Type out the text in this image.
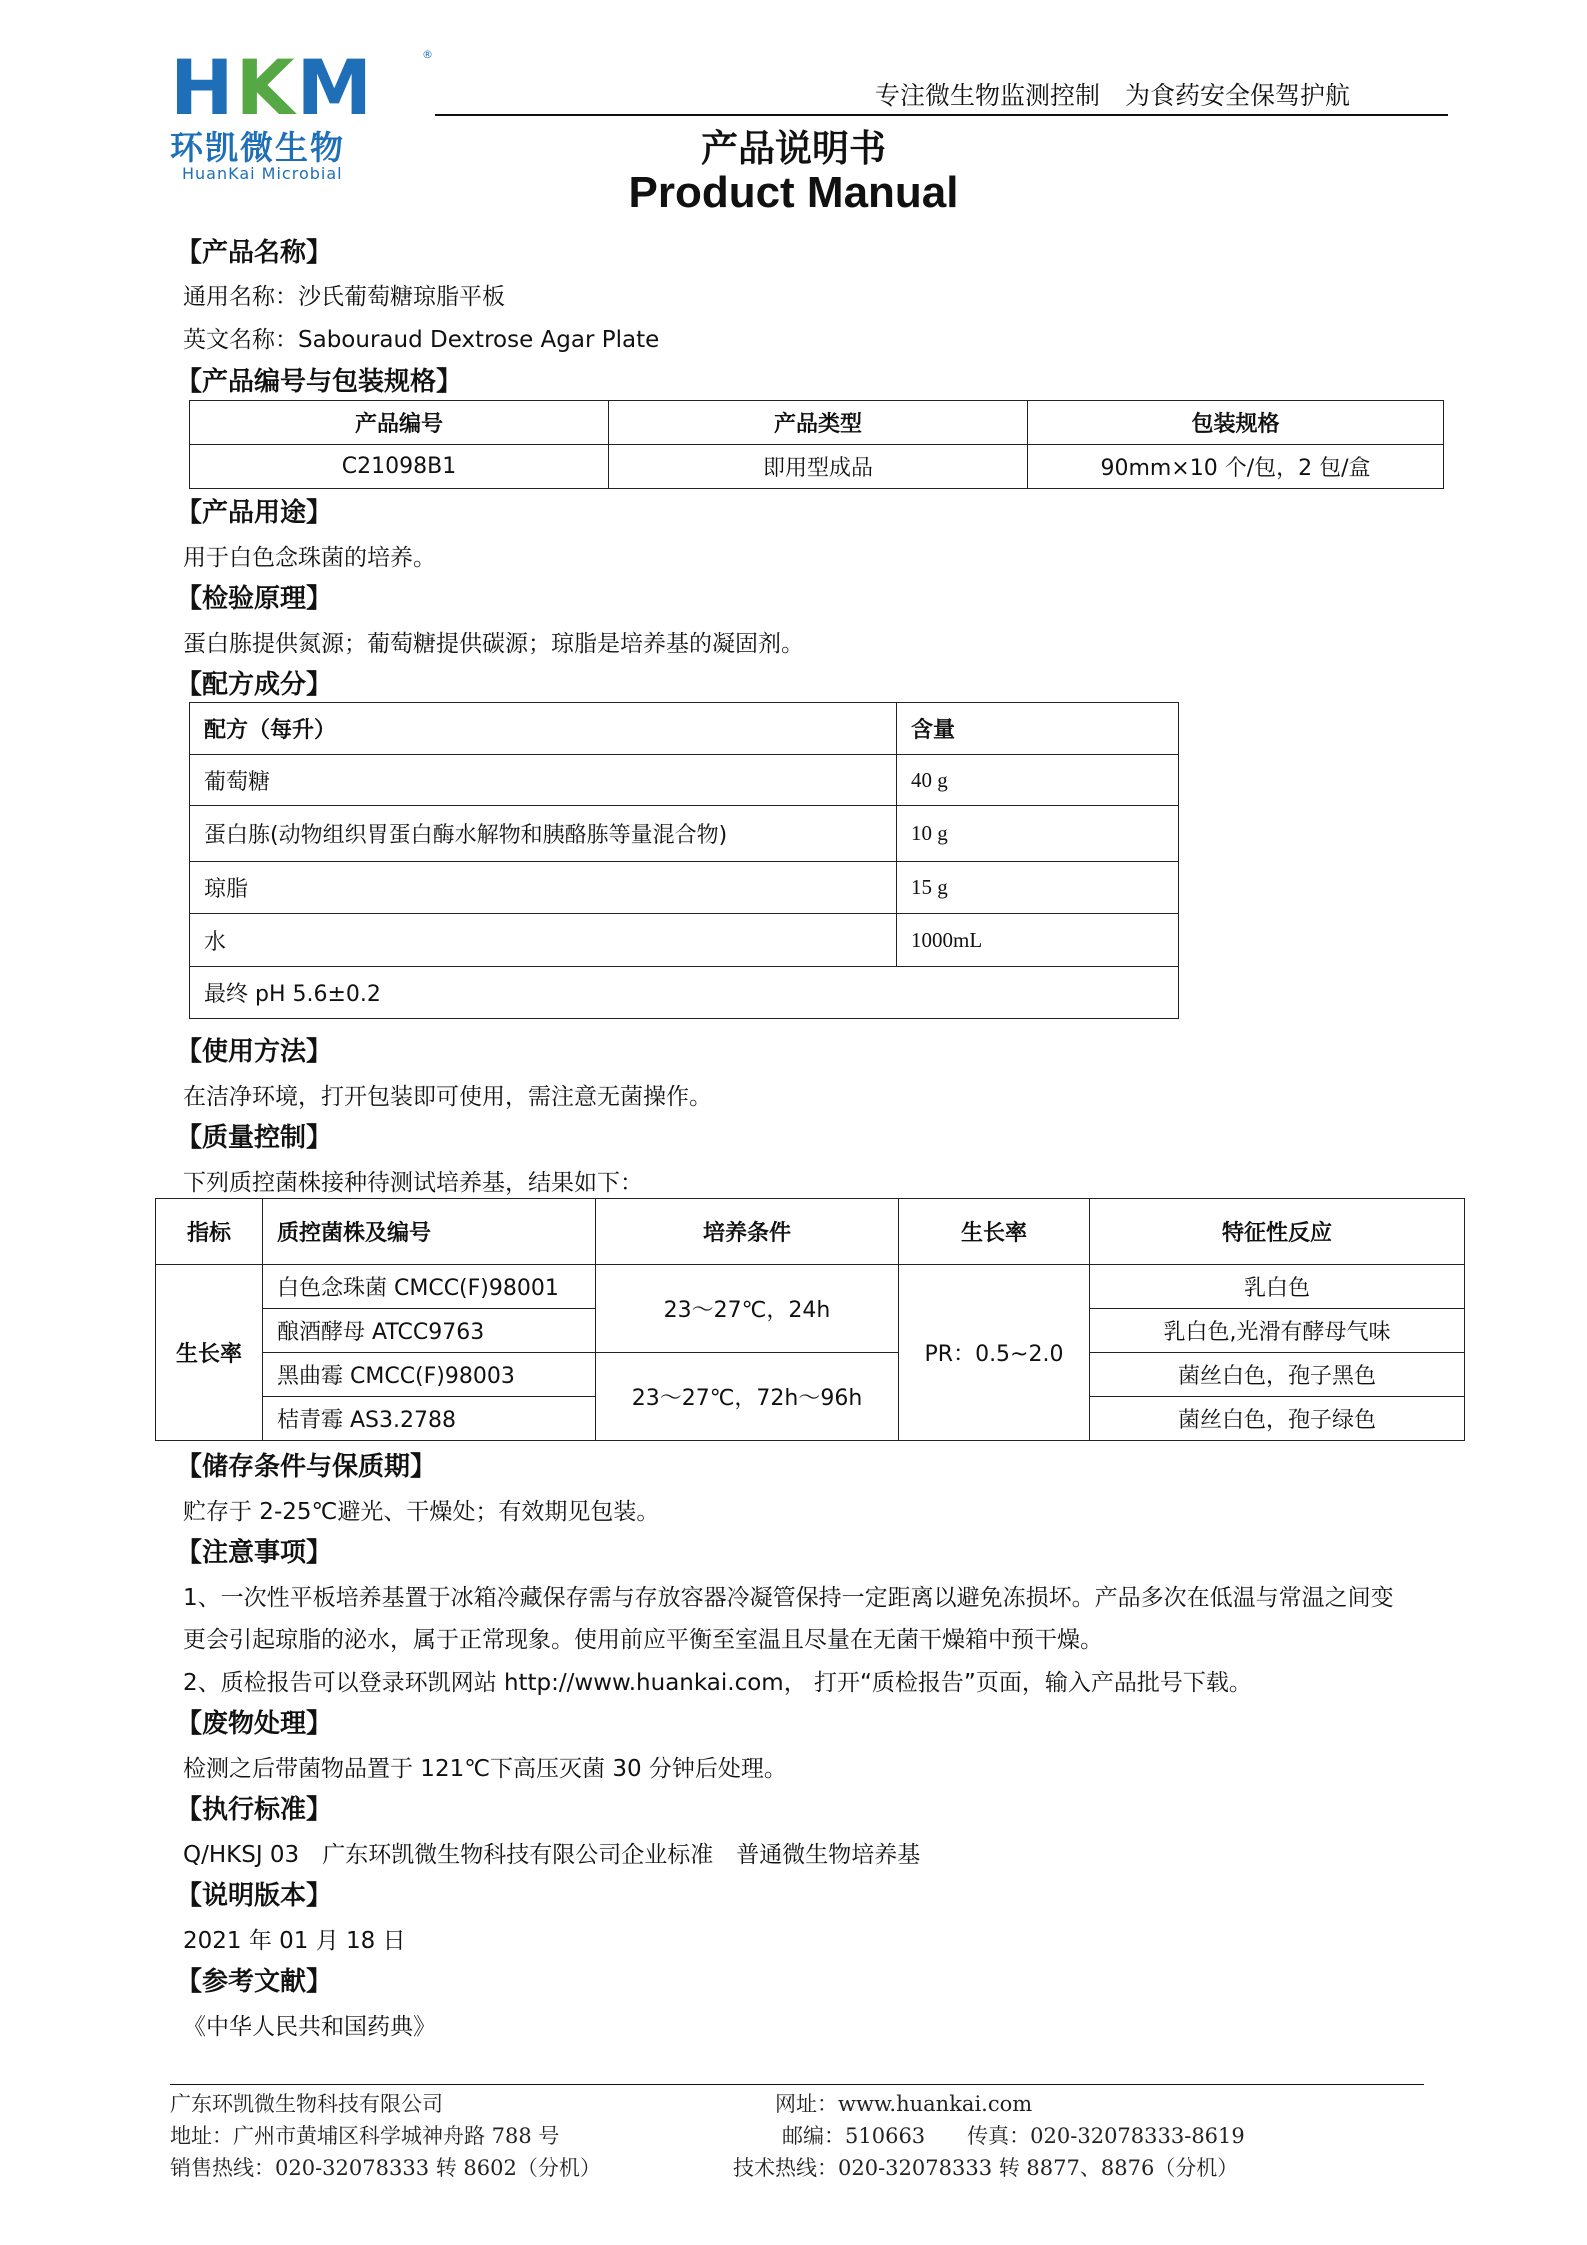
HKM	®
环凯微生物
HuanKai Microbial
专注微生物监测控制　为食药安全保驾护航
产品说明书
Product Manual
【产品名称】
通用名称：沙氏葡萄糖琼脂平板
英文名称：Sabouraud Dextrose Agar Plate
【产品编号与包装规格】
产品编号	产品类型	包装规格
C21098B1	即用型成品	90mm×10 个/包，2 包/盒
【产品用途】
用于白色念珠菌的培养。
【检验原理】
蛋白胨提供氮源；葡萄糖提供碳源；琼脂是培养基的凝固剂。
【配方成分】
配方（每升）	含量
葡萄糖	40 g
蛋白胨(动物组织胃蛋白酶水解物和胰酪胨等量混合物)	10 g
琼脂	15 g
水	1000mL
最终 pH 5.6±0.2	
【使用方法】
在洁净环境，打开包装即可使用，需注意无菌操作。
【质量控制】
下列质控菌株接种待测试培养基，结果如下：
指标	质控菌株及编号	培养条件	生长率	特征性反应
生长率	白色念珠菌 CMCC(F)98001	23～27℃，24h	PR：0.5~2.0	乳白色
	酿酒酵母 ATCC9763			乳白色,光滑有酵母气味
	黑曲霉 CMCC(F)98003	23～27℃，72h～96h		菌丝白色，孢子黑色
	桔青霉 AS3.2788			菌丝白色，孢子绿色
【储存条件与保质期】
贮存于 2-25℃避光、干燥处；有效期见包装。
【注意事项】
1、一次性平板培养基置于冰箱冷藏保存需与存放容器冷凝管保持一定距离以避免冻损坏。产品多次在低温与常温之间变
更会引起琼脂的泌水，属于正常现象。使用前应平衡至室温且尽量在无菌干燥箱中预干燥。
2、质检报告可以登录环凯网站 http://www.huankai.com， 打开“质检报告”页面，输入产品批号下载。
【废物处理】
检测之后带菌物品置于 121℃下高压灭菌 30 分钟后处理。
【执行标准】
Q/HKSJ 03　广东环凯微生物科技有限公司企业标准　普通微生物培养基
【说明版本】
2021 年 01 月 18 日
【参考文献】
《中华人民共和国药典》
广东环凯微生物科技有限公司
地址：广州市黄埔区科学城神舟路 788 号
销售热线：020-32078333 转 8602（分机）
网址：www.huankai.com
邮编：510663　　传真：020-32078333-8619
技术热线：020-32078333 转 8877、8876（分机）
